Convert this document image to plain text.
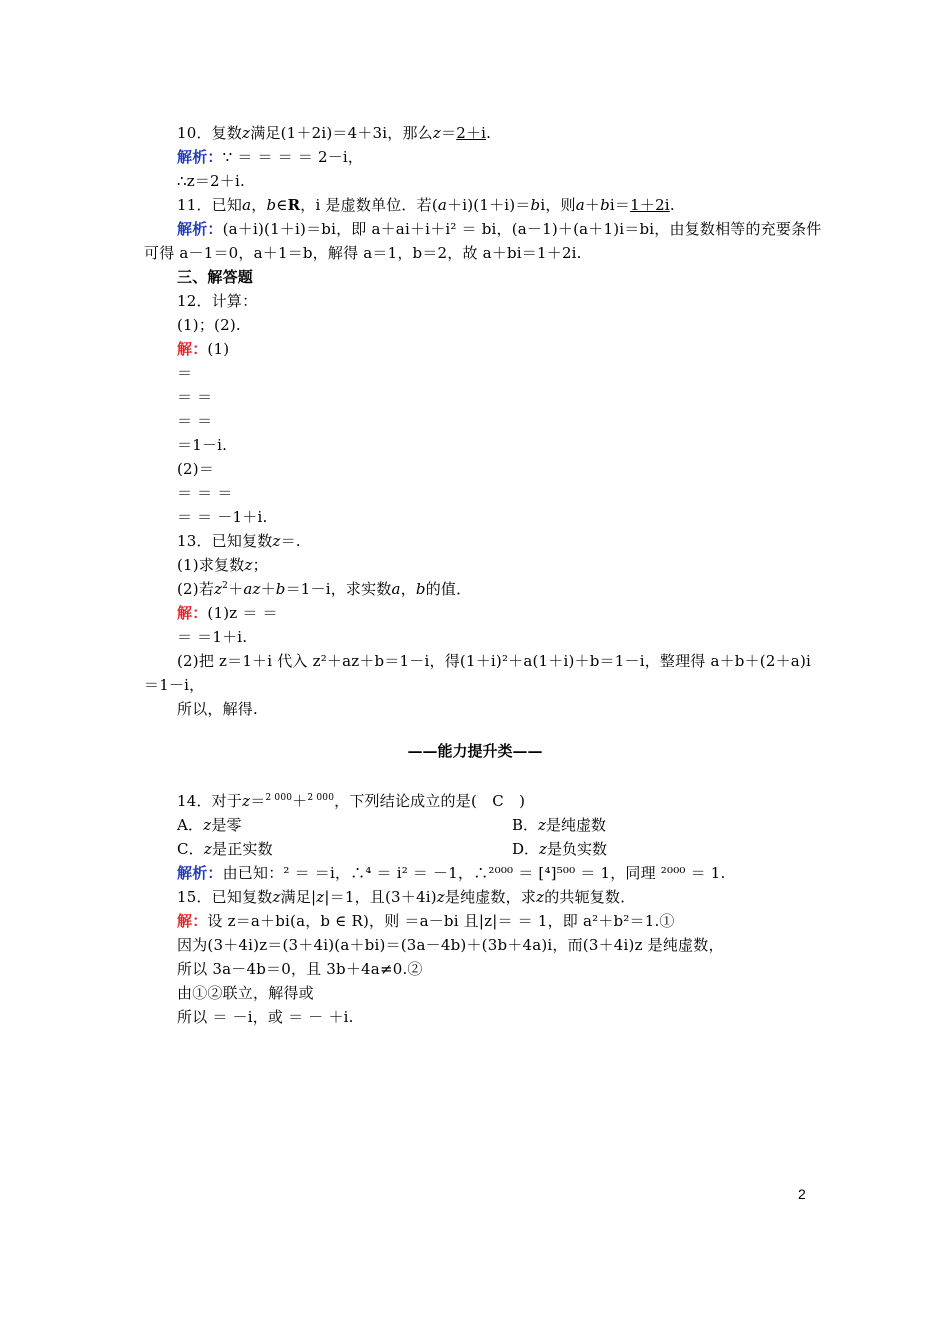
10．复数z满足(1＋2i)＝4＋3i，那么z＝2＋i.
解析：∵ ＝ ＝ ＝ ＝ 2－i，
∴z＝2＋i.
11．已知a，b∈R，i 是虚数单位．若(a＋i)(1＋i)＝bi，则a＋bi＝1＋2i.
解析：(a＋i)(1＋i)＝bi，即 a＋ai＋i＋i² ＝ bi，(a－1)＋(a＋1)i＝bi，由复数相等的充要条件
可得 a－1＝0，a＋1＝b，解得 a＝1，b＝2，故 a＋bi＝1＋2i.
三、解答题
12．计算：
(1)；(2).
解：(1)
＝
＝ ＝
＝ ＝
＝1－i.
(2)＝
＝ ＝ ＝
＝ ＝ －1＋i.
13．已知复数z＝.
(1)求复数z；
(2)若$z^2+az+b=1-i$，求实数a，b的值．
解：(1)z ＝ ＝
＝ ＝1＋i.
(2)把 z＝1＋i 代入 z²＋az＋b＝1－i，得(1＋i)²＋a(1＋i)＋b＝1－i，整理得 a＋b＋(2＋a)i
＝1－i，
所以，解得.
——能力提升类——
14．对于z＝$^{2 000}$＋$^{2 000}$，下列结论成立的是(　C　)
A．z是零	B．z是纯虚数
C．z是正实数	D．z是负实数
解析：由已知：² ＝ ＝i，∴⁴ ＝ i² ＝ －1，∴²⁰⁰⁰ ＝ [⁴]⁵⁰⁰ ＝ 1，同理 ²⁰⁰⁰ ＝ 1.
15．已知复数z满足|z|＝1，且(3＋4i)z是纯虚数，求z的共轭复数．
解：设 z＝a＋bi(a，b ∈ R)，则 ＝a－bi 且|z|＝ ＝ 1，即 a²＋b²＝1.①
因为(3＋4i)z＝(3＋4i)(a＋bi)＝(3a－4b)＋(3b＋4a)i，而(3＋4i)z 是纯虚数，
所以 3a－4b＝0，且 3b＋4a≠0.②
由①②联立，解得或
所以 ＝ －i，或 ＝ － ＋i.
2
